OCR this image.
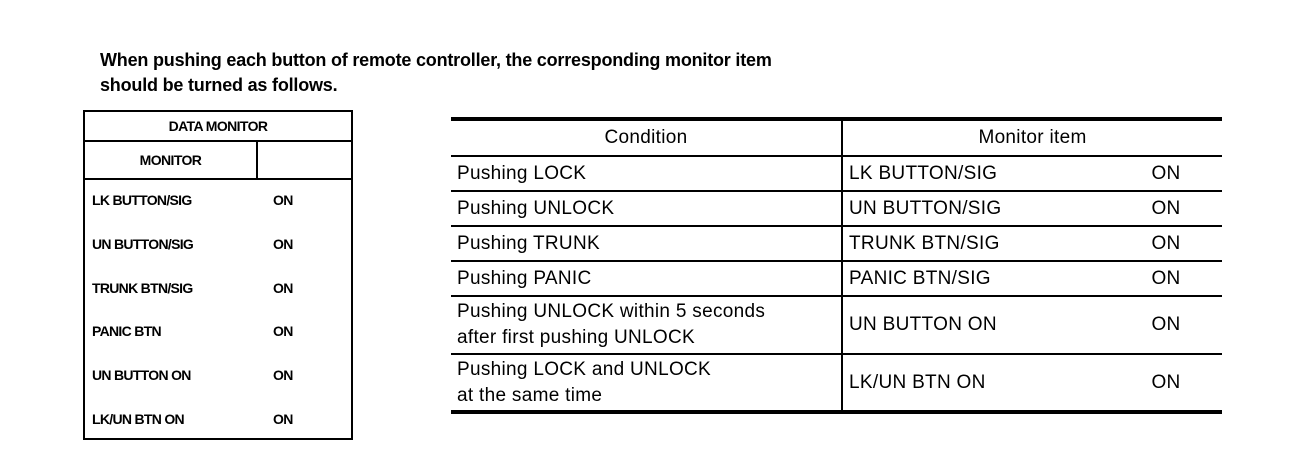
When pushing each button of remote controller, the corresponding monitor item
should be turned as follows.
DATA MONITOR
MONITOR
LK BUTTON/SIG	ON
UN BUTTON/SIG	ON
TRUNK BTN/SIG	ON
PANIC BTN	ON
UN BUTTON ON	ON
LK/UN BTN ON	ON
Condition	Monitor item	
Pushing LOCK	LK BUTTON/SIG	ON
Pushing UNLOCK	UN BUTTON/SIG	ON
Pushing TRUNK	TRUNK BTN/SIG	ON
Pushing PANIC	PANIC BTN/SIG	ON

Pushing UNLOCK within 5 seconds
after first pushing UNLOCK	UN BUTTON ON	ON

Pushing LOCK and UNLOCK
at the same time	LK/UN BTN ON	ON
